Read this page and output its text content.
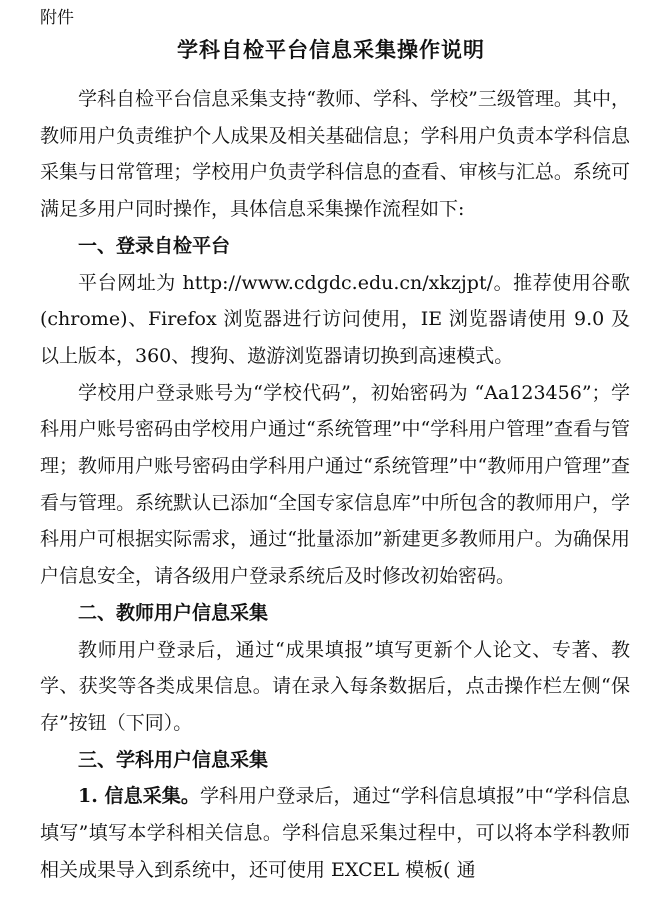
附件
学科自检平台信息采集操作说明

学科自检平台信息采集支持“教师、学科、学校”三级管理。其中，教师用户负责维护个人成果及相关基础信息；学科用户负责本学科信息采集与日常管理；学校用户负责学科信息的查看、审核与汇总。系统可满足多用户同时操作，具体信息采集操作流程如下:

一、登录自检平台

平台网址为 http://www.cdgdc.edu.cn/xkzjpt/。推荐使用谷歌(chrome)、Firefox 浏览器进行访问使用，IE 浏览器请使用 9.0 及以上版本，360、搜狗、遨游浏览器请切换到高速模式。

学校用户登录账号为“学校代码”，初始密码为 “Aa123456”；学科用户账号密码由学校用户通过“系统管理”中“学科用户管理”查看与管理；教师用户账号密码由学科用户通过“系统管理”中“教师用户管理”查看与管理。系统默认已添加“全国专家信息库”中所包含的教师用户，学科用户可根据实际需求，通过“批量添加”新建更多教师用户。为确保用户信息安全，请各级用户登录系统后及时修改初始密码。

二、教师用户信息采集

教师用户登录后，通过“成果填报”填写更新个人论文、专著、教学、获奖等各类成果信息。请在录入每条数据后，点击操作栏左侧“保存”按钮（下同）。

三、学科用户信息采集

1. 信息采集。学科用户登录后，通过“学科信息填报”中“学科信息填写”填写本学科相关信息。学科信息采集过程中，可以将本学科教师相关成果导入到系统中，还可使用 EXCEL 模板( 通
